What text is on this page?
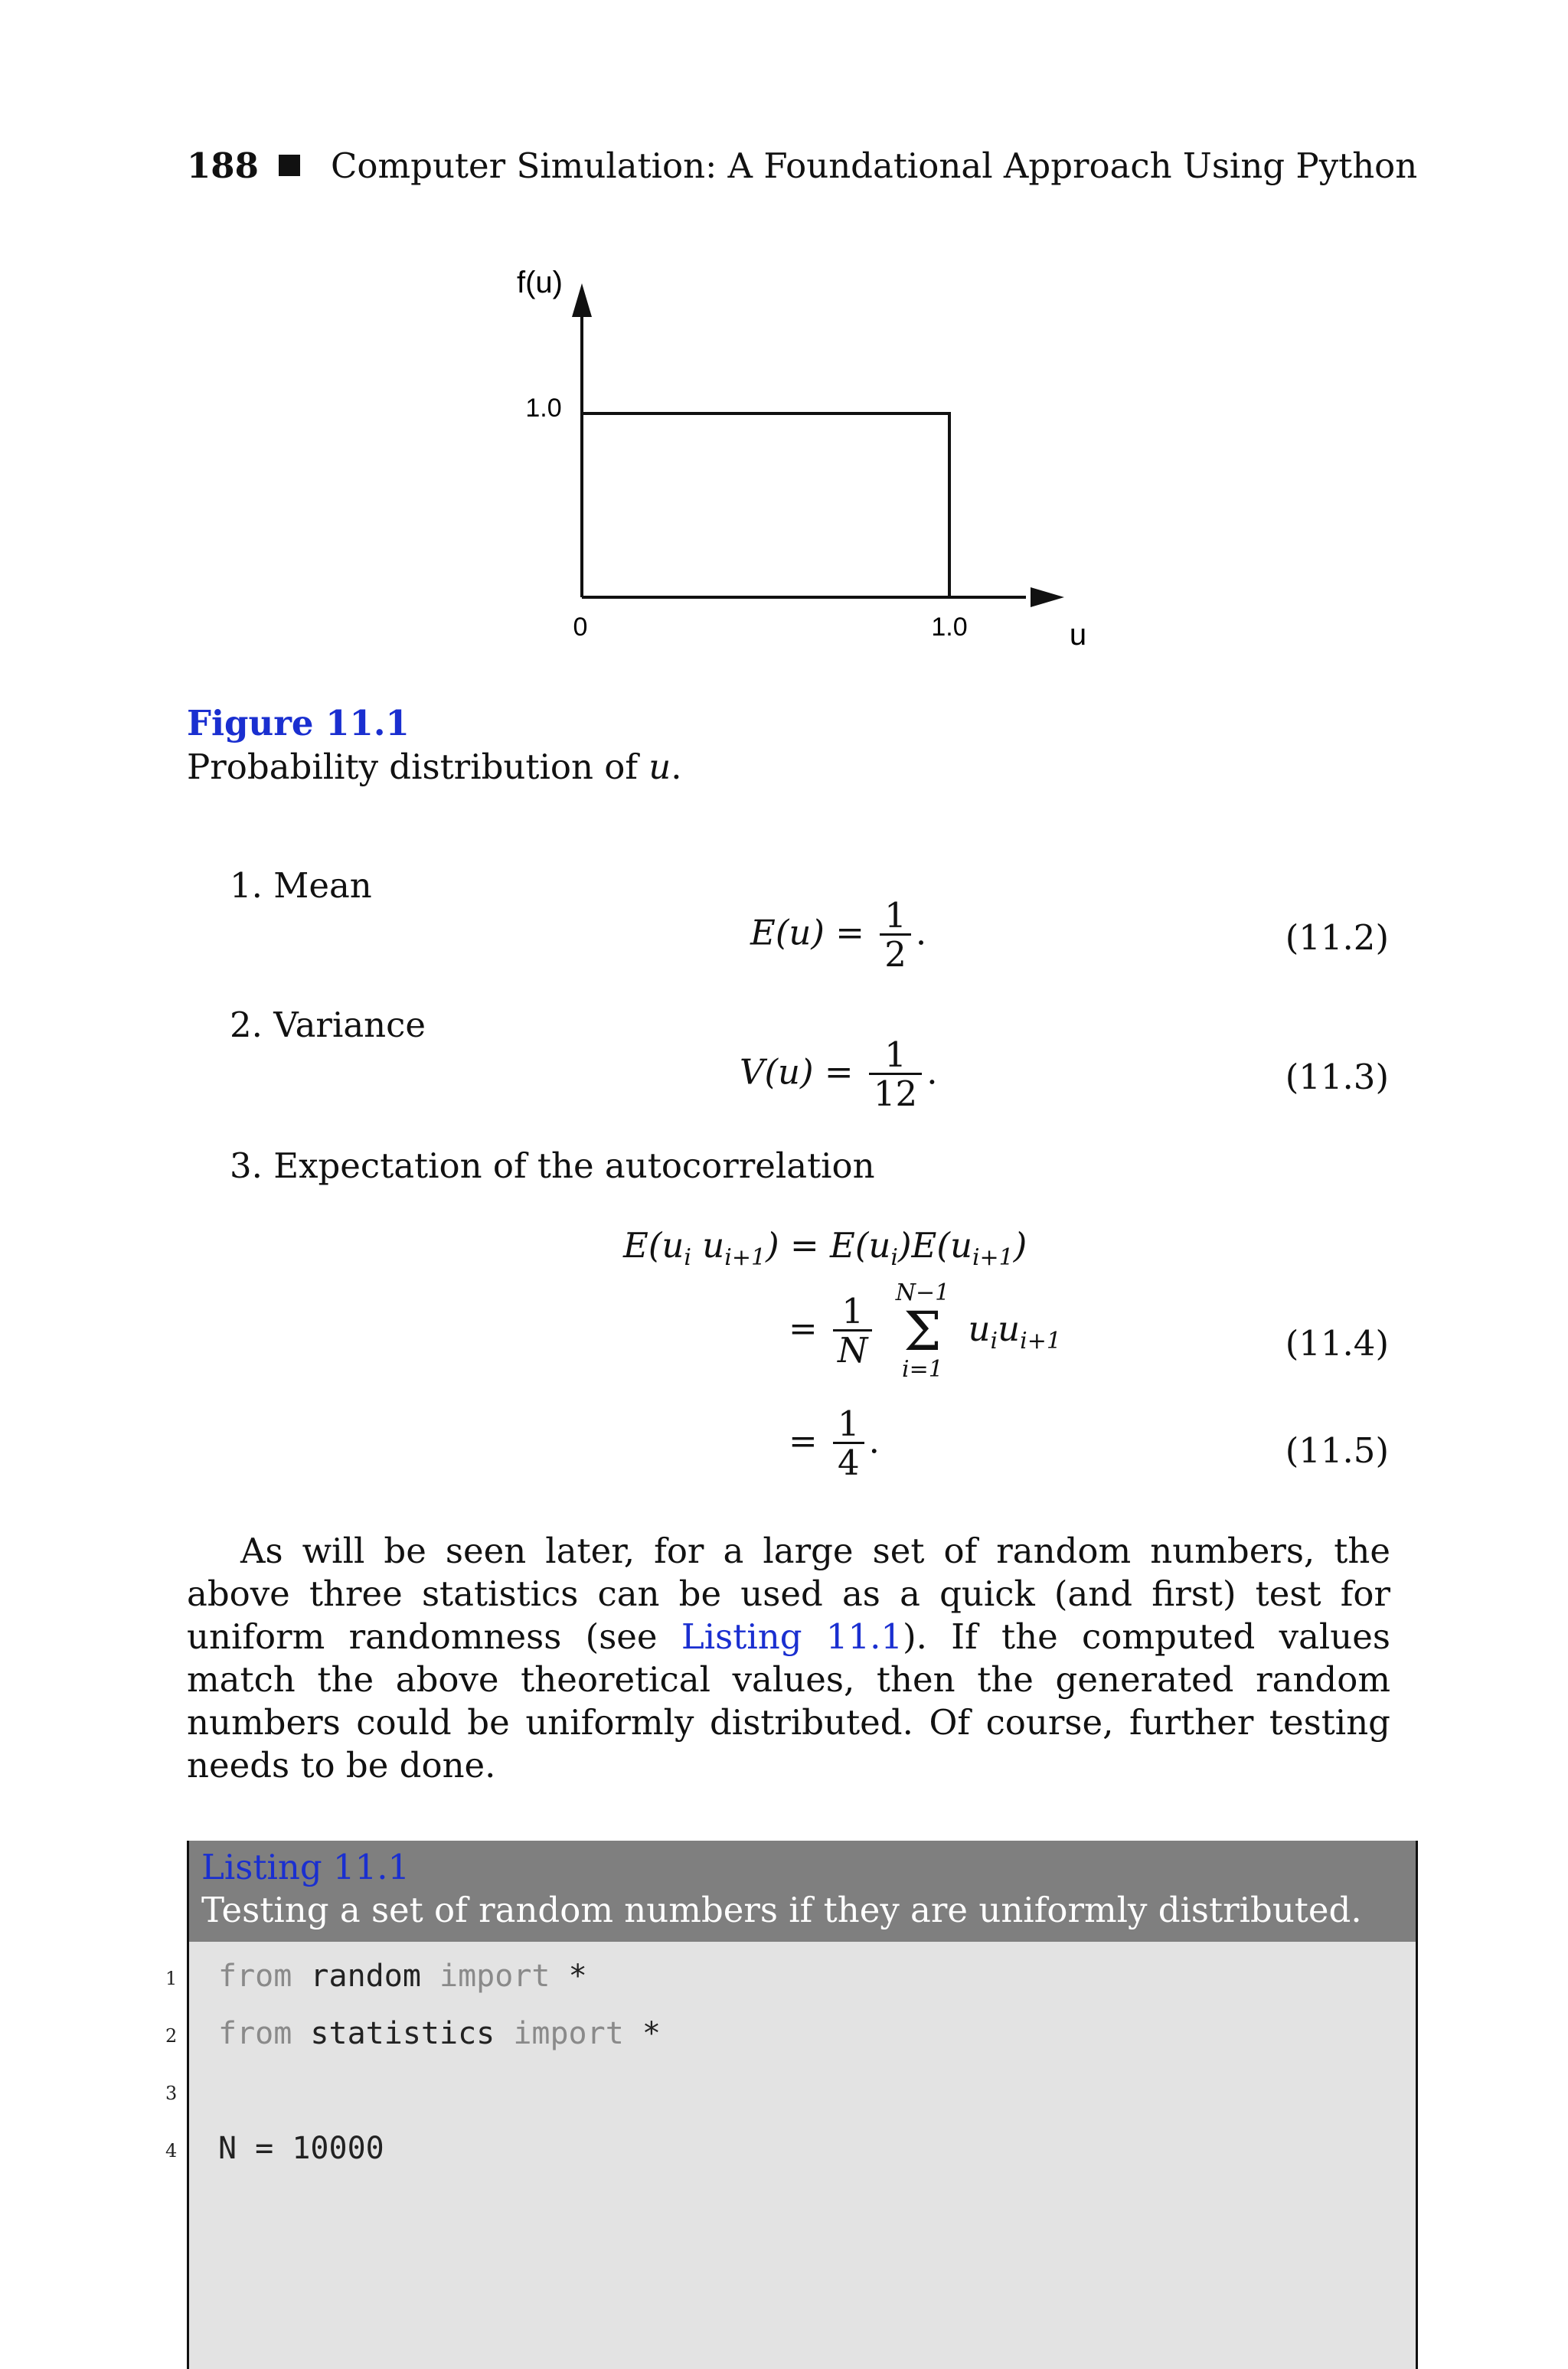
188 Computer Simulation: A Foundational Approach Using Python
f(u)
1.0
0	1.0	u
Figure 11.1
Probability distribution of u.
1. Mean
$E(u) = \frac{1}{2}$ .	(11.2)
2. Variance
$V(u) = \frac{1}{12}$ .	(11.3)
3. Expectation of the autocorrelation
$E(u_i$ $u_{i+1}) = E(u_i)E(u_{i+1})$
= $\frac{1}{N}$

N−1
Σ
i=1
$u_iu_{i+1}$	(11.4)
= $\frac{1}{4}$ .	(11.5)
As will be seen later, for a large set of random numbers, the above three statistics can be used as a quick (and first) test for uniform randomness (see Listing 11.1). If the computed values match the above theoretical values, then the generated random numbers could be uniformly distributed. Of course, further testing needs to be done.
Listing 11.1
Testing a set of random numbers if they are uniformly distributed.
from random import *
from statistics import *
N = 10000
1
2
3
4
